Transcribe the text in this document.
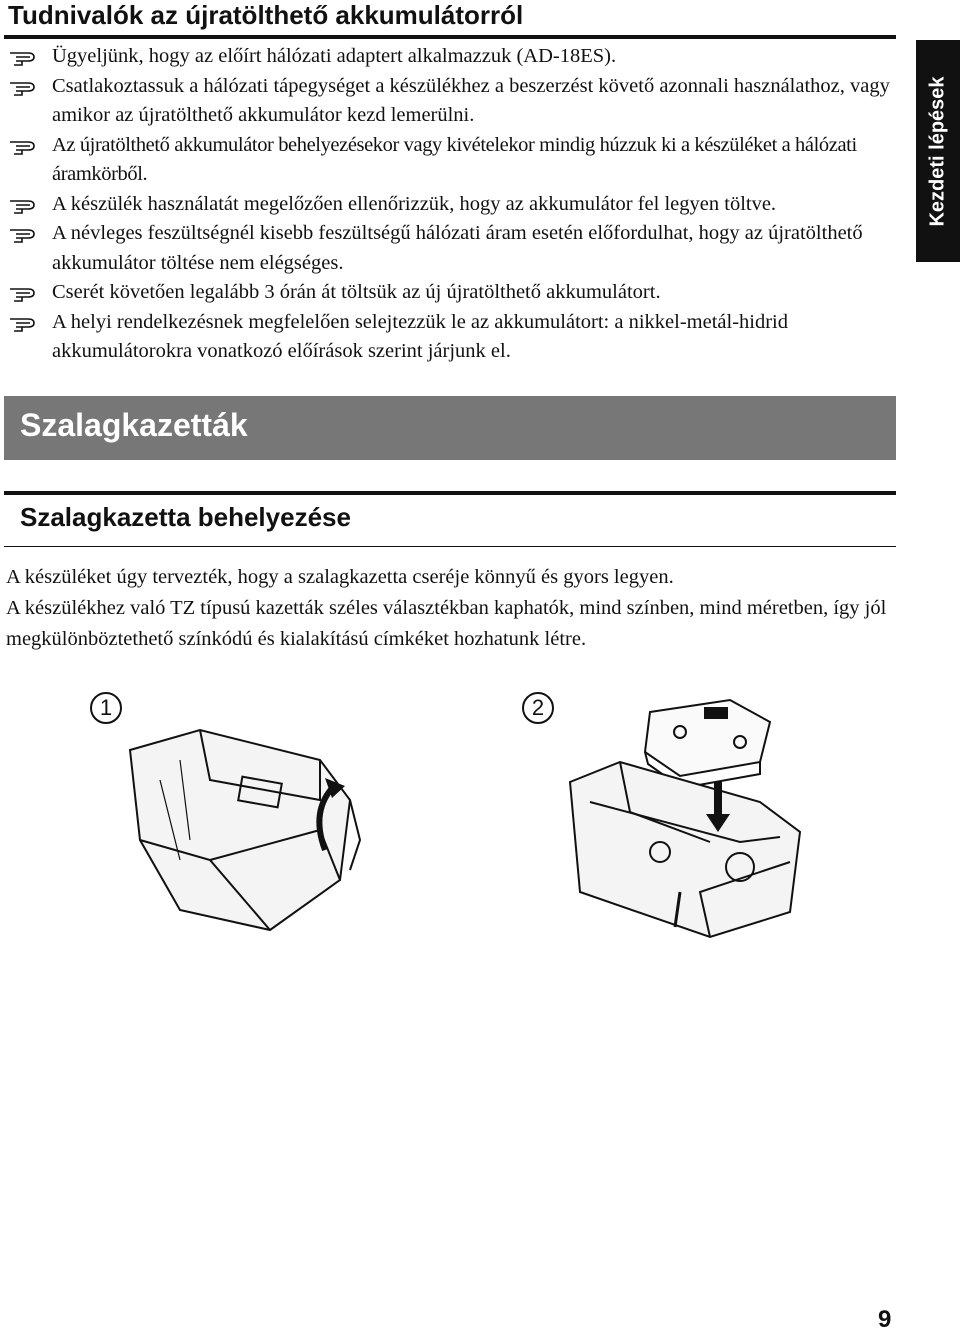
Tudnivalók az újratölthető akkumulátorról
Kezdeti lépések
Ügyeljünk, hogy az előírt hálózati adaptert alkalmazzuk (AD-18ES).
Csatlakoztassuk a hálózati tápegységet a készülékhez a beszerzést követő azonnali használathoz, vagy amikor az újratölthető akkumulátor kezd lemerülni.
Az újratölthető akkumulátor behelyezésekor vagy kivételekor mindig húzzuk ki a készüléket a hálózati áramkörből.
A készülék használatát megelőzően ellenőrizzük, hogy az akkumulátor fel legyen töltve.
A névleges feszültségnél kisebb feszültségű hálózati áram esetén előfordulhat, hogy az újratölthető akkumulátor töltése nem elégséges.
Cserét követően legalább 3 órán át töltsük az új újratölthető akkumulátort.
A helyi rendelkezésnek megfelelően selejtezzük le az akkumulátort: a nikkel-metál-hidrid akkumulátorokra vonatkozó előírások szerint járjunk el.
Szalagkazetták
Szalagkazetta behelyezése

A készüléket úgy tervezték, hogy a szalagkazetta cseréje könnyű és gyors legyen.

A készülékhez való TZ típusú kazetták széles választékban kaphatók, mind színben, mind méretben, így jól megkülönböztethető színkódú és kialakítású címkéket hozhatunk létre.

1	2
9
